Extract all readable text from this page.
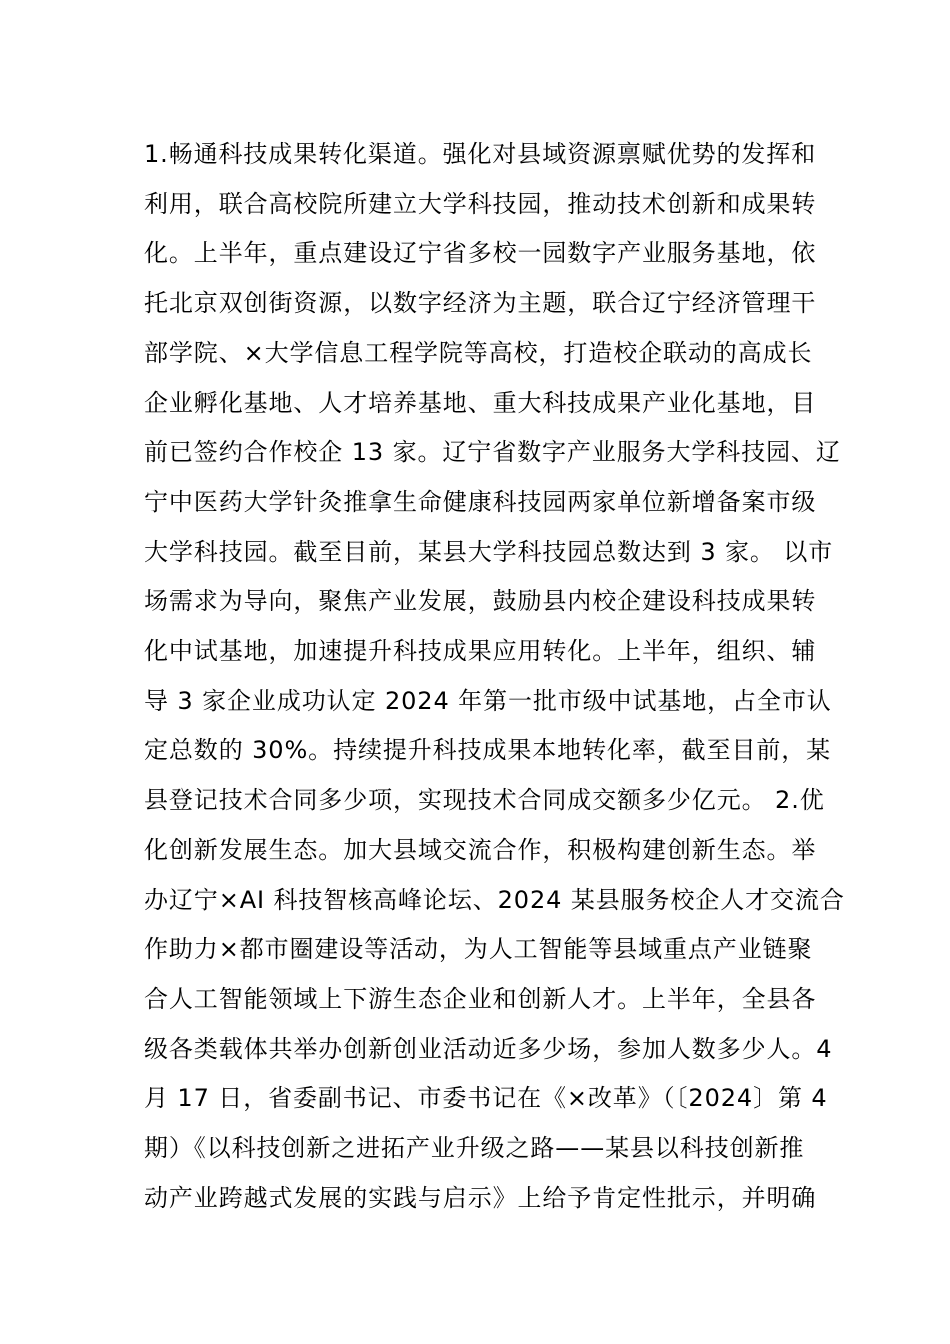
1.畅通科技成果转化渠道。强化对县域资源禀赋优势的发挥和
利用，联合高校院所建立大学科技园，推动技术创新和成果转
化。上半年，重点建设辽宁省多校一园数字产业服务基地，依
托北京双创街资源，以数字经济为主题，联合辽宁经济管理干
部学院、×大学信息工程学院等高校，打造校企联动的高成长
企业孵化基地、人才培养基地、重大科技成果产业化基地，目
前已签约合作校企 13 家。辽宁省数字产业服务大学科技园、辽
宁中医药大学针灸推拿生命健康科技园两家单位新增备案市级
大学科技园。截至目前，某县大学科技园总数达到 3 家。 以市
场需求为导向，聚焦产业发展，鼓励县内校企建设科技成果转
化中试基地，加速提升科技成果应用转化。上半年，组织、辅
导 3 家企业成功认定 2024 年第一批市级中试基地，占全市认
定总数的 30%。持续提升科技成果本地转化率，截至目前，某
县登记技术合同多少项，实现技术合同成交额多少亿元。 2.优
化创新发展生态。加大县域交流合作，积极构建创新生态。举
办辽宁×AI 科技智核高峰论坛、2024 某县服务校企人才交流合
作助力×都市圈建设等活动，为人工智能等县域重点产业链聚
合人工智能领域上下游生态企业和创新人才。上半年，全县各
级各类载体共举办创新创业活动近多少场，参加人数多少人。4
月 17 日，省委副书记、市委书记在《×改革》（〔2024〕第 4
期）《以科技创新之进拓产业升级之路——某县以科技创新推
动产业跨越式发展的实践与启示》上给予肯定性批示，并明确
